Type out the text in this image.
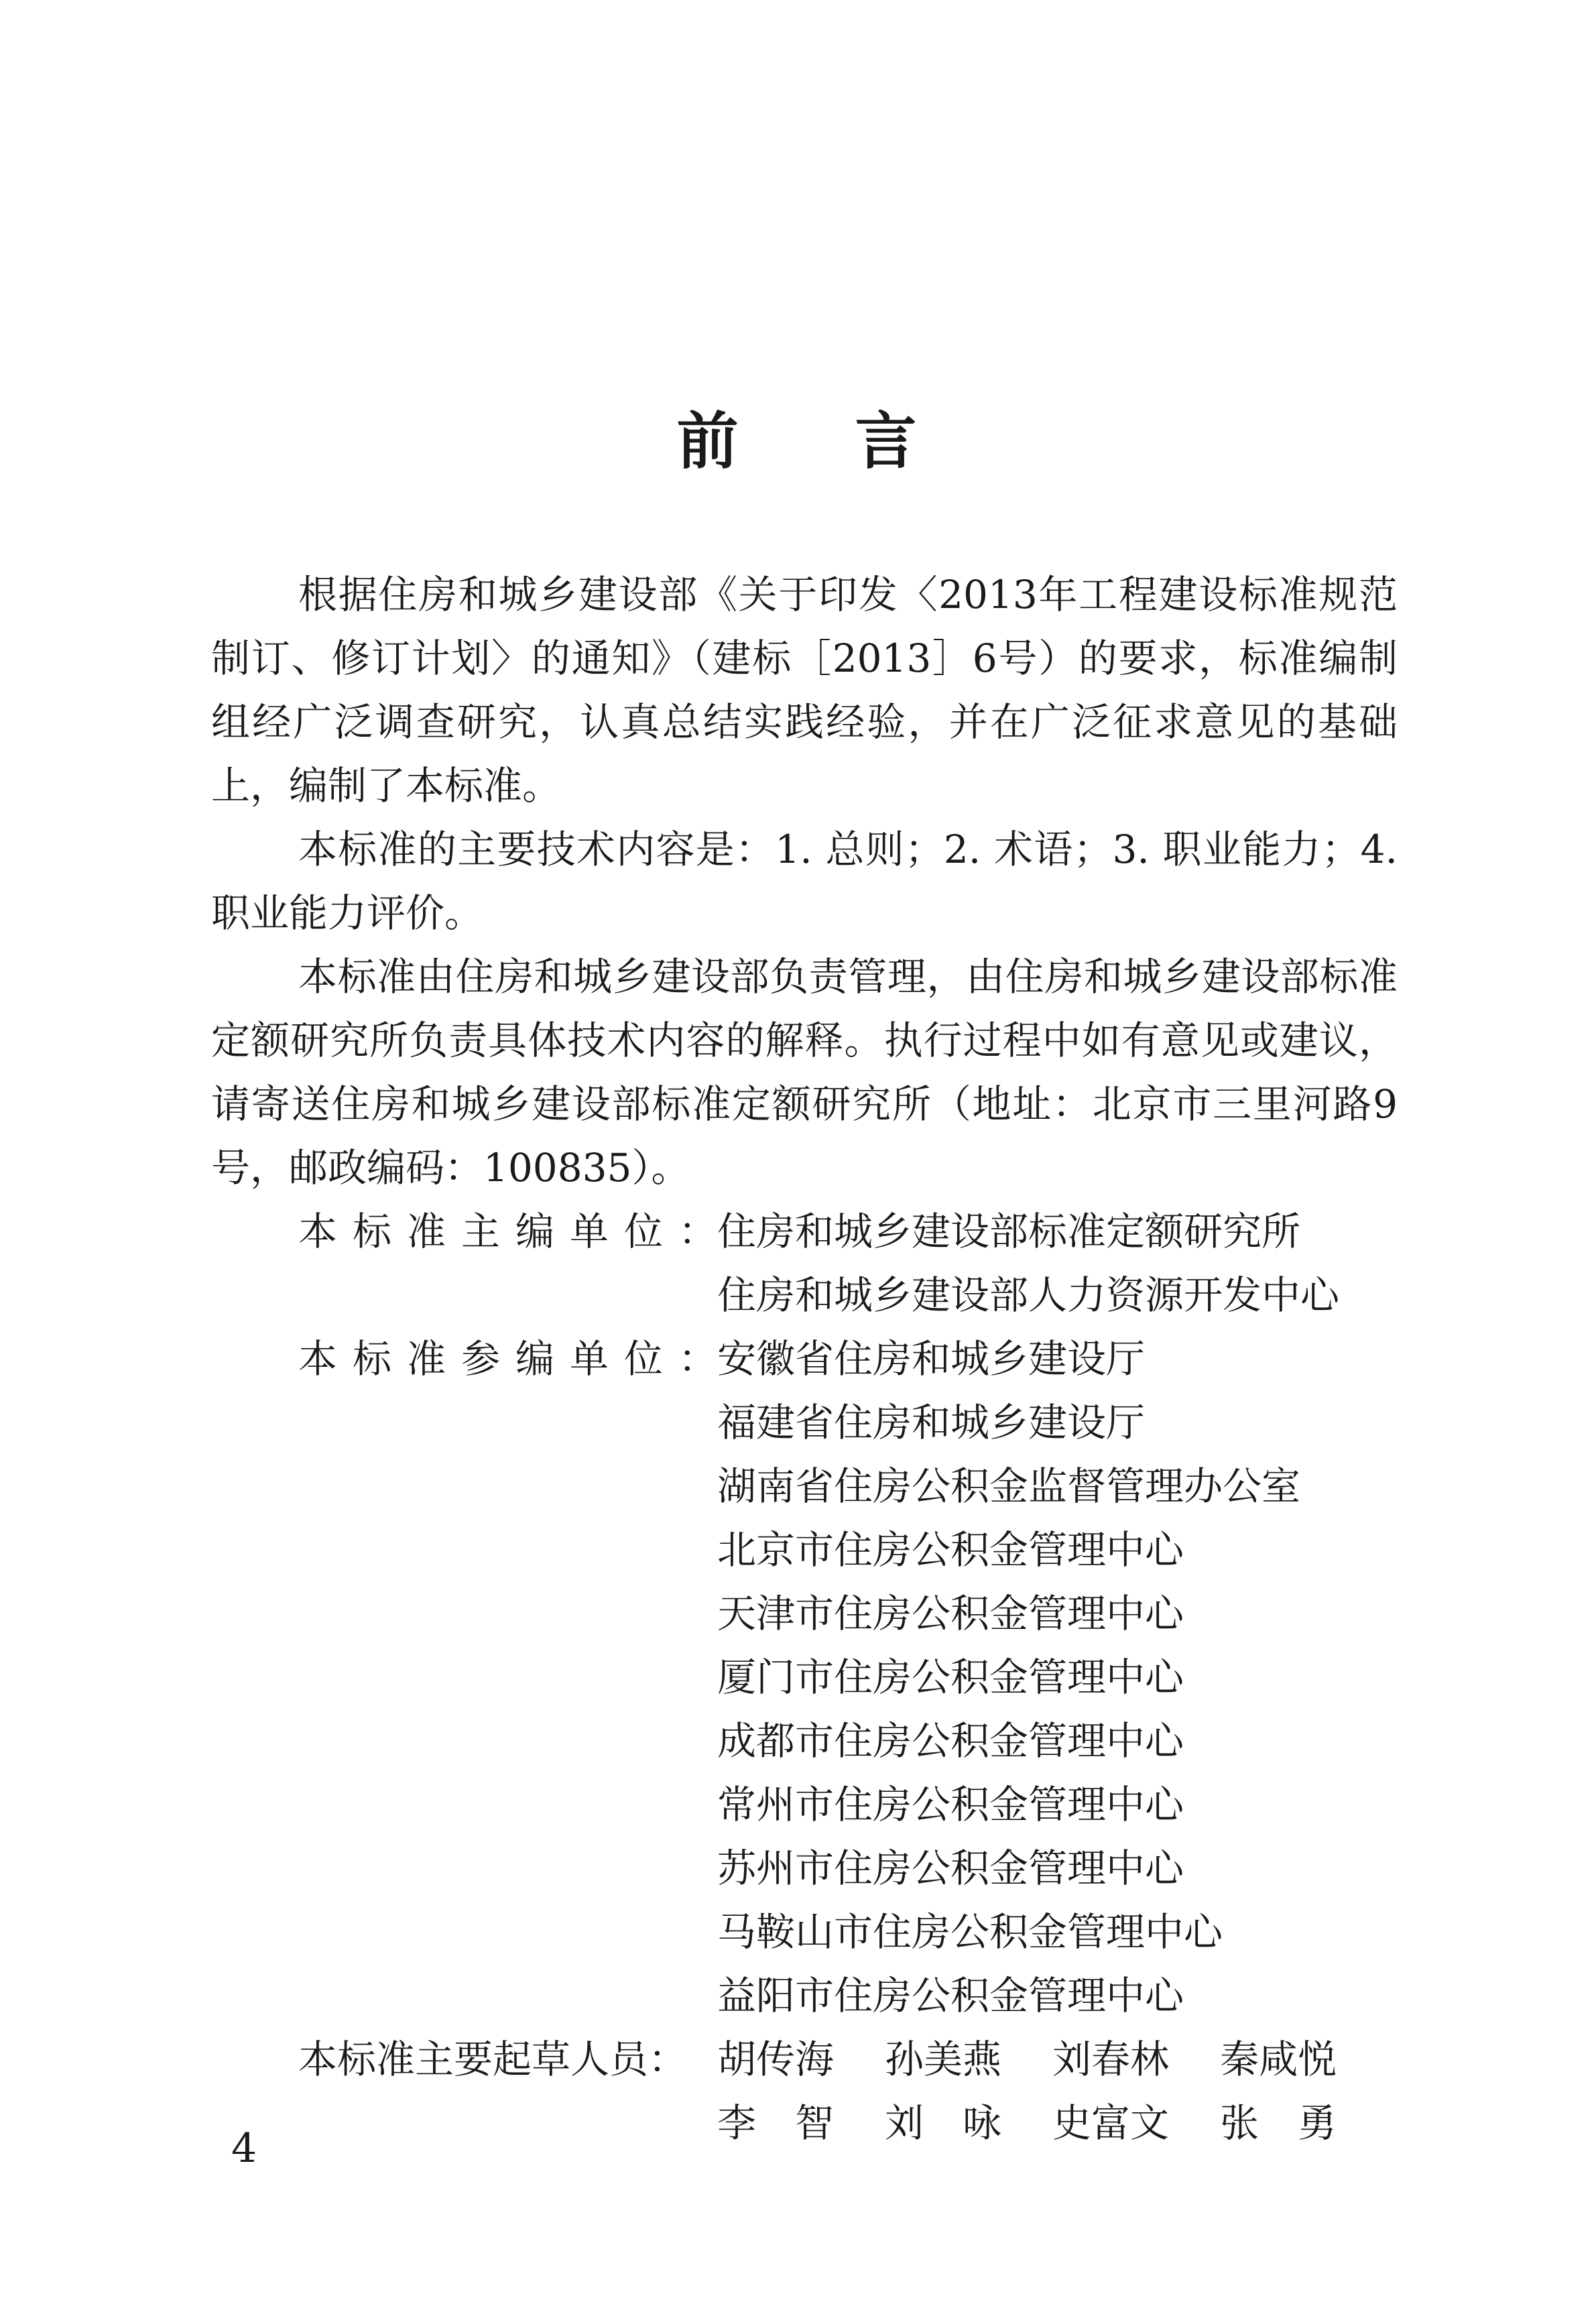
前 言

根据住房和城乡建设部《关于印发〈2013年工程建设标准规范制订、修订计划〉的通知》（建标［2013］6号）的要求，标准编制组经广泛调查研究，认真总结实践经验，并在广泛征求意见的基础上，编制了本标准。

本标准的主要技术内容是：1. 总则；2. 术语；3. 职业能力；4. 职业能力评价。

本标准由住房和城乡建设部负责管理，由住房和城乡建设部标准定额研究所负责具体技术内容的解释。执行过程中如有意见或建议，请寄送住房和城乡建设部标准定额研究所（地址：北京市三里河路9号，邮政编码：100835）。

本 标 准 主 编 单 位 ： 住房和城乡建设部标准定额研究所
住房和城乡建设部人力资源开发中心
本 标 准 参 编 单 位 ： 安徽省住房和城乡建设厅
福建省住房和城乡建设厅
湖南省住房公积金监督管理办公室
北京市住房公积金管理中心
天津市住房公积金管理中心
厦门市住房公积金管理中心
成都市住房公积金管理中心
常州市住房公积金管理中心
苏州市住房公积金管理中心
马鞍山市住房公积金管理中心
益阳市住房公积金管理中心
本标准主要起草人员： 胡传海	孙美燕	刘春林	秦咸悦
李　智	刘　咏	史富文	张　勇
4
